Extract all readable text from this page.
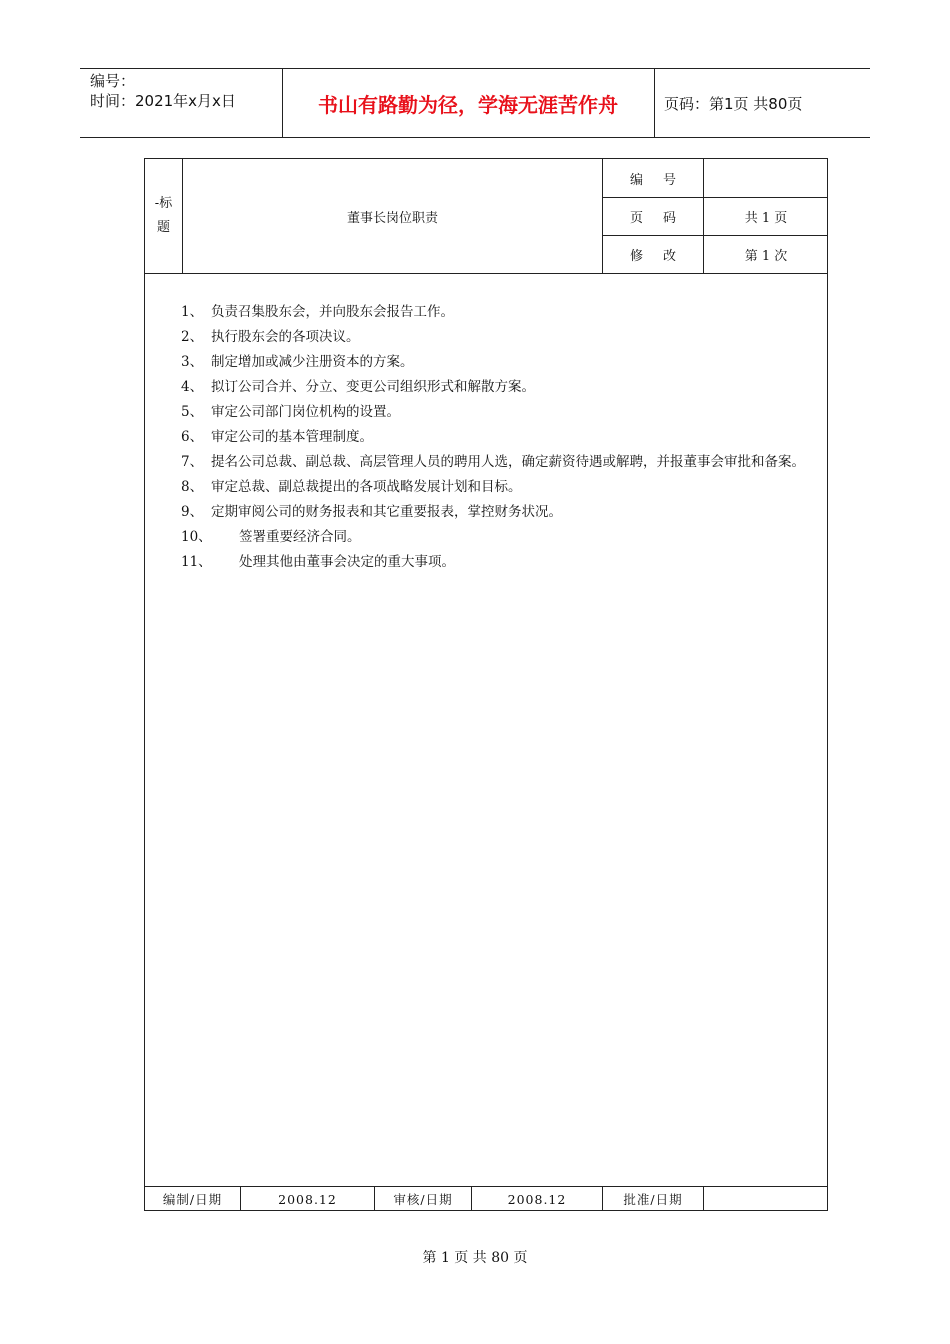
编号：
时间：2021年x月x日	书山有路勤为径，学海无涯苦作舟	页码：第1页 共80页
-标
题
董事长岗位职责
编号
页码	共 1 页
修改	第 1 次
1、 负责召集股东会，并向股东会报告工作。
2、 执行股东会的各项决议。
3、 制定增加或减少注册资本的方案。
4、 拟订公司合并、分立、变更公司组织形式和解散方案。
5、 审定公司部门岗位机构的设置。
6、 审定公司的基本管理制度。
7、 提名公司总裁、副总裁、高层管理人员的聘用人选，确定薪资待遇或解聘，并报董事会审批和备案。
8、 审定总裁、副总裁提出的各项战略发展计划和目标。
9、 定期审阅公司的财务报表和其它重要报表，掌控财务状况。
10、	签署重要经济合同。
11、	处理其他由董事会决定的重大事项。
编制/日期	2008.12	审核/日期	2008.12	批准/日期
第 1 页 共 80 页
